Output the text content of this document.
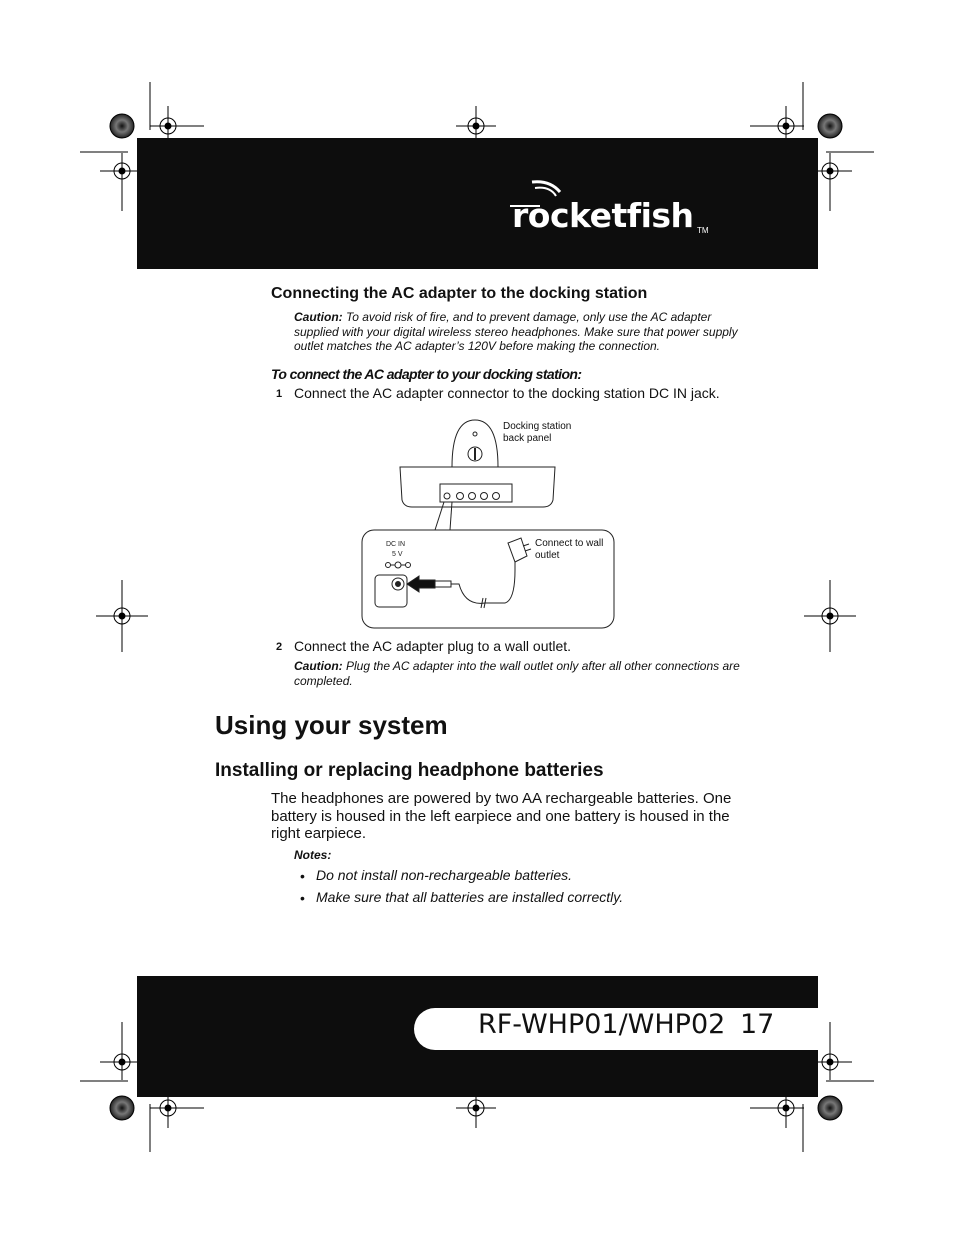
rocketfish TM
Connecting the AC adapter to the docking station
Caution: To avoid risk of fire, and to prevent damage, only use the AC adapter
supplied with your digital wireless stereo headphones. Make sure that power supply
outlet matches the AC adapter’s 120V before making the connection.
To connect the AC adapter to your docking station:
1 Connect the AC adapter connector to the docking station DC IN jack.
Docking station
back panel
Connect to wall
outlet
DC IN
5 V
2 Connect the AC adapter plug to a wall outlet.
Caution: Plug the AC adapter into the wall outlet only after all other connections are
completed.
Using your system
Installing or replacing headphone batteries
The headphones are powered by two AA rechargeable batteries. One
battery is housed in the left earpiece and one battery is housed in the
right earpiece.
Notes:
• Do not install non-rechargeable batteries.
• Make sure that all batteries are installed correctly.
RF-WHP01/WHP02 17
